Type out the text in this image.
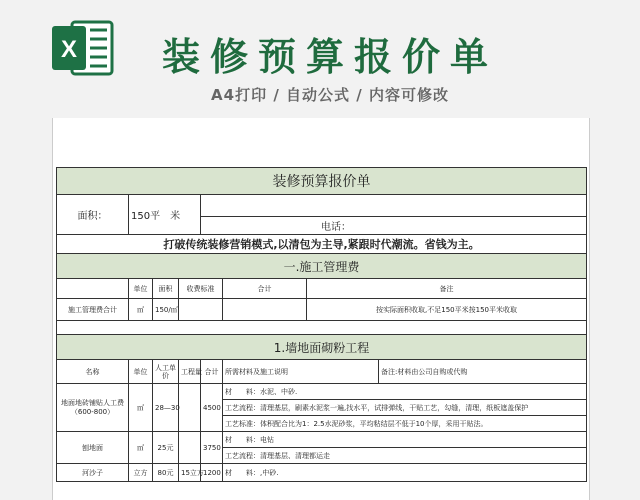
X	装修预算报价单
A4打印 / 自动公式 / 内容可修改
装修预算报价单							
面积：	150平　米						
				电话：			
打破传统装修营销模式,以清包为主导,紧跟时代潮流。省钱为主。							
一.施工管理费							
	单位	面积	收费标准		合计	备注	
施工管理费合计	㎡	150/㎡				按实际面积收取,不足150平米按150平米收取	

1.墙地面砌粉工程							
名称	单位	人工单价	工程量	合计	所需材料及施工说明		备注:材料由公司自购或代购
地面地砖铺贴人工费（600-800）	㎡	28—30		4500	材　　料：水泥、中砂.		
					工艺流程：清理基层，刷素水泥浆一遍,找水平，试排弹线，干贴工艺，勾缝，清理，纸板遮盖保护		
					工艺标准：体积配合比为1：2.5水泥砂浆，平均粘结层不低于10个厚，采用干贴法。		
刨地面	㎡	25元		3750	材　　料：电钻		
					工艺流程：清理基层、清理都运走		
河沙子	立方	80元	15立方	1200	材　　料：,中砂.		
